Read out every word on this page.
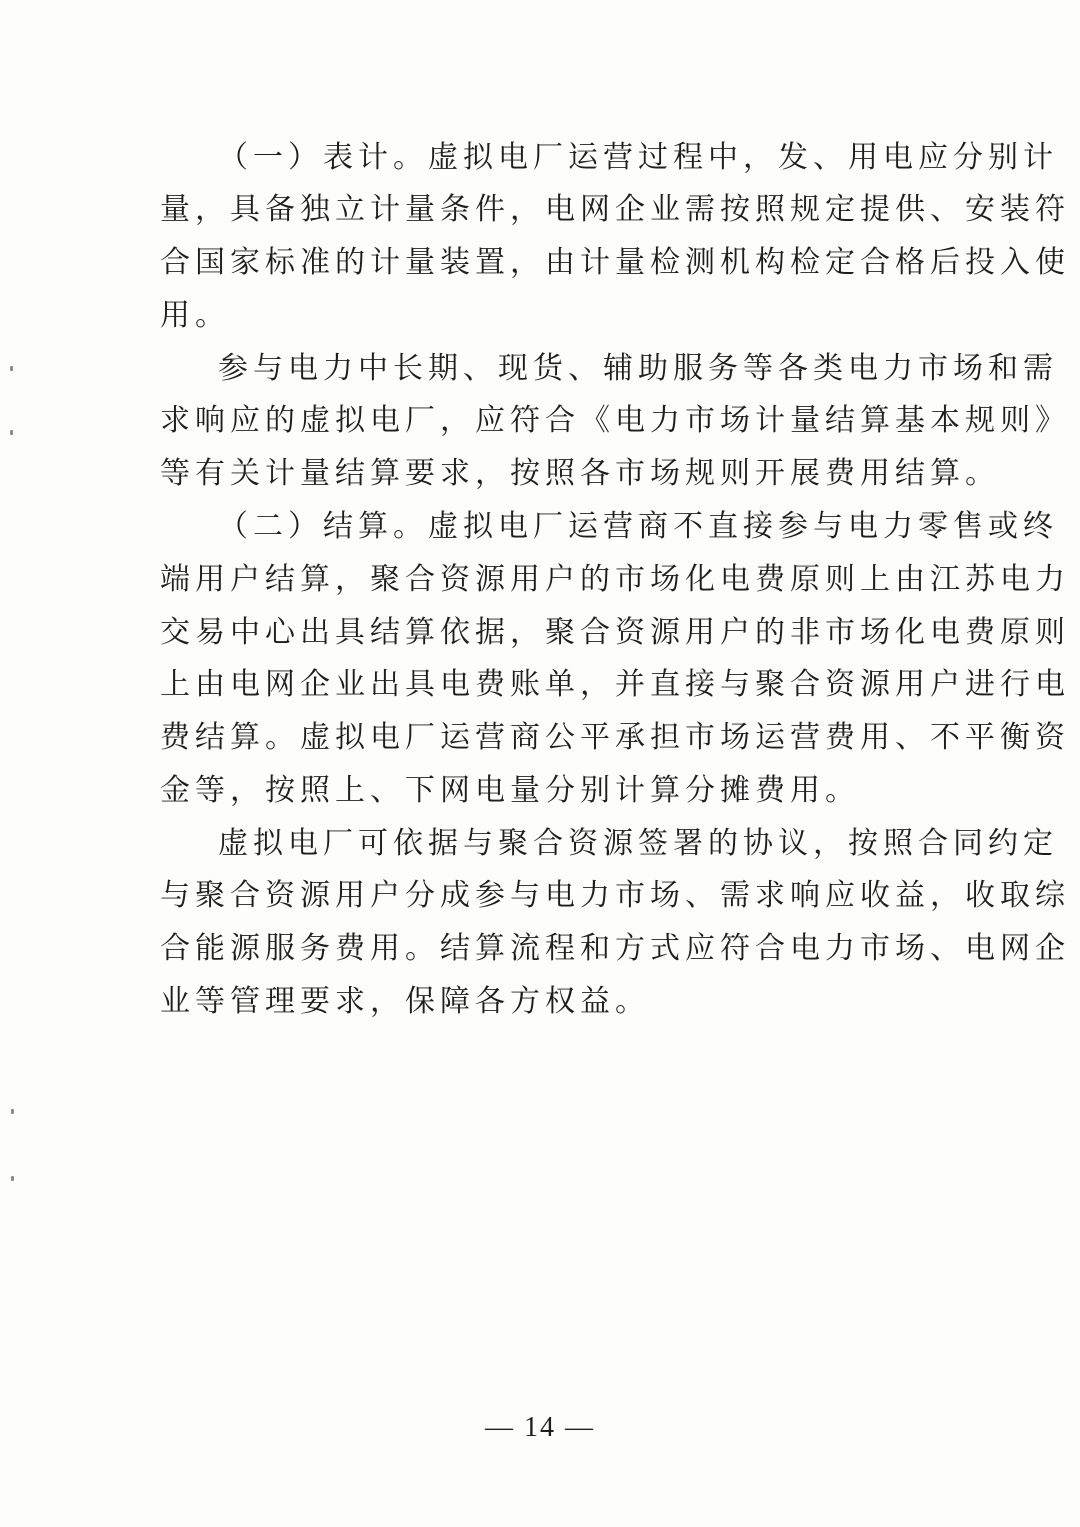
（一）表计。虚拟电厂运营过程中，发、用电应分别计
量，具备独立计量条件，电网企业需按照规定提供、安装符
合国家标准的计量装置，由计量检测机构检定合格后投入使
用。
参与电力中长期、现货、辅助服务等各类电力市场和需
求响应的虚拟电厂，应符合《电力市场计量结算基本规则》
等有关计量结算要求，按照各市场规则开展费用结算。
（二）结算。虚拟电厂运营商不直接参与电力零售或终
端用户结算，聚合资源用户的市场化电费原则上由江苏电力
交易中心出具结算依据，聚合资源用户的非市场化电费原则
上由电网企业出具电费账单，并直接与聚合资源用户进行电
费结算。虚拟电厂运营商公平承担市场运营费用、不平衡资
金等，按照上、下网电量分别计算分摊费用。
虚拟电厂可依据与聚合资源签署的协议，按照合同约定
与聚合资源用户分成参与电力市场、需求响应收益，收取综
合能源服务费用。结算流程和方式应符合电力市场、电网企
业等管理要求，保障各方权益。
— 14 —
